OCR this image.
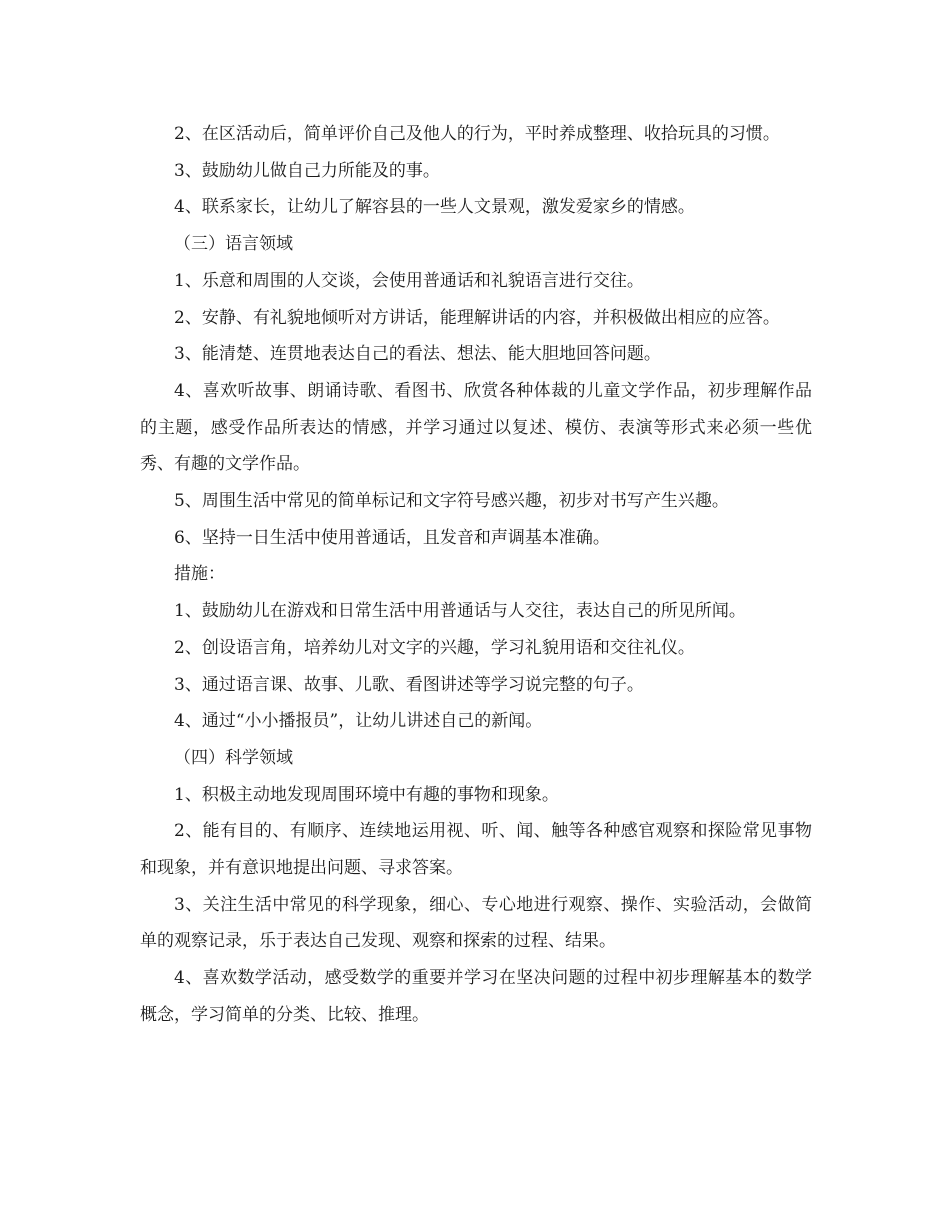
2、在区活动后，简单评价自己及他人的行为，平时养成整理、收拾玩具的习惯。

3、鼓励幼儿做自己力所能及的事。

4、联系家长，让幼儿了解容县的一些人文景观，激发爱家乡的情感。

（三）语言领域

1、乐意和周围的人交谈，会使用普通话和礼貌语言进行交往。

2、安静、有礼貌地倾听对方讲话，能理解讲话的内容，并积极做出相应的应答。

3、能清楚、连贯地表达自己的看法、想法、能大胆地回答问题。

4、喜欢听故事、朗诵诗歌、看图书、欣赏各种体裁的儿童文学作品，初步理解作品的主题，感受作品所表达的情感，并学习通过以复述、模仿、表演等形式来必须一些优秀、有趣的文学作品。

5、周围生活中常见的简单标记和文字符号感兴趣，初步对书写产生兴趣。

6、坚持一日生活中使用普通话，且发音和声调基本准确。

措施：

1、鼓励幼儿在游戏和日常生活中用普通话与人交往，表达自己的所见所闻。

2、创设语言角，培养幼儿对文字的兴趣，学习礼貌用语和交往礼仪。

3、通过语言课、故事、儿歌、看图讲述等学习说完整的句子。

4、通过“小小播报员”，让幼儿讲述自己的新闻。

（四）科学领域

1、积极主动地发现周围环境中有趣的事物和现象。

2、能有目的、有顺序、连续地运用视、听、闻、触等各种感官观察和探险常见事物和现象，并有意识地提出问题、寻求答案。

3、关注生活中常见的科学现象，细心、专心地进行观察、操作、实验活动，会做简单的观察记录，乐于表达自己发现、观察和探索的过程、结果。

4、喜欢数学活动，感受数学的重要并学习在坚决问题的过程中初步理解基本的数学概念，学习简单的分类、比较、推理。
